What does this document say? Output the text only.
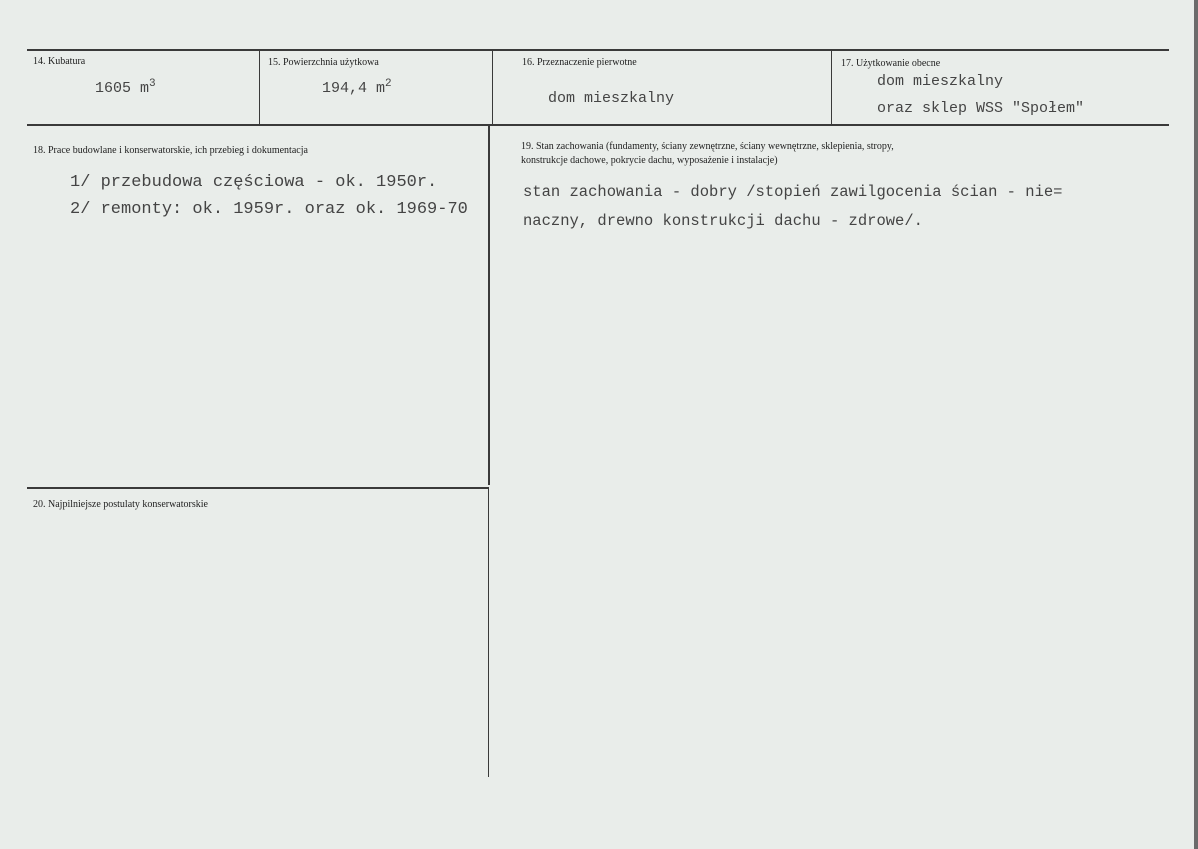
14. Kubatura
1605 $m^3$
15. Powierzchnia użytkowa
194,4 $m^2$
16. Przeznaczenie pierwotne
dom mieszkalny
17. Użytkowanie obecne
dom mieszkalny
oraz sklep WSS "Społem"
18. Prace budowlane i konserwatorskie, ich przebieg i dokumentacja
1/ przebudowa częściowa - ok. 1950r.
2/ remonty: ok. 1959r. oraz ok. 1969-70
19. Stan zachowania (fundamenty, ściany zewnętrzne, ściany wewnętrzne, sklepienia, stropy,
konstrukcje dachowe, pokrycie dachu, wyposażenie i instalacje)
stan zachowania - dobry /stopień zawilgocenia ścian - nie=
naczny, drewno konstrukcji dachu - zdrowe/.
20. Najpilniejsze postulaty konserwatorskie
